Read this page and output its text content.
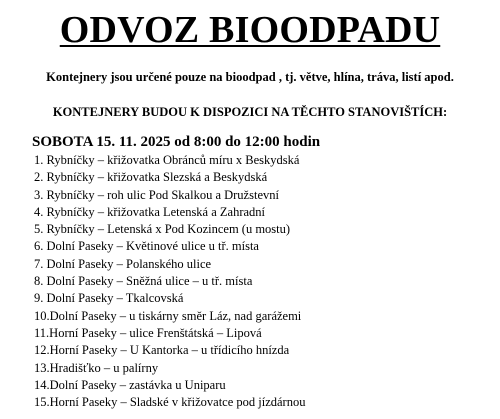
ODVOZ BIOODPADU
Kontejnery jsou určené pouze na bioodpad , tj. větve, hlína, tráva, listí apod.
KONTEJNERY BUDOU K DISPOZICI NA TĚCHTO STANOVIŠTÍCH:
SOBOTA 15. 11. 2025 od 8:00 do 12:00 hodin
1. Rybníčky – křižovatka Obránců míru x Beskydská
2. Rybníčky – křižovatka Slezská a Beskydská
3. Rybníčky – roh ulic Pod Skalkou a Družstevní
4. Rybníčky – křižovatka Letenská a Zahradní
5. Rybníčky – Letenská x Pod Kozincem (u mostu)
6. Dolní Paseky – Květinové ulice u tř. místa
7. Dolní Paseky – Polanského ulice
8. Dolní Paseky – Sněžná ulice – u tř. místa
9. Dolní Paseky – Tkalcovská
10.Dolní Paseky – u tiskárny směr Láz, nad garážemi
11.Horní Paseky – ulice Frenštátská – Lipová
12.Horní Paseky – U Kantorka – u třídicího hnízda
13.Hradišťko – u palírny
14.Dolní Paseky – zastávka u Uniparu
15.Horní Paseky – Sladské v křižovatce pod jízdárnou
